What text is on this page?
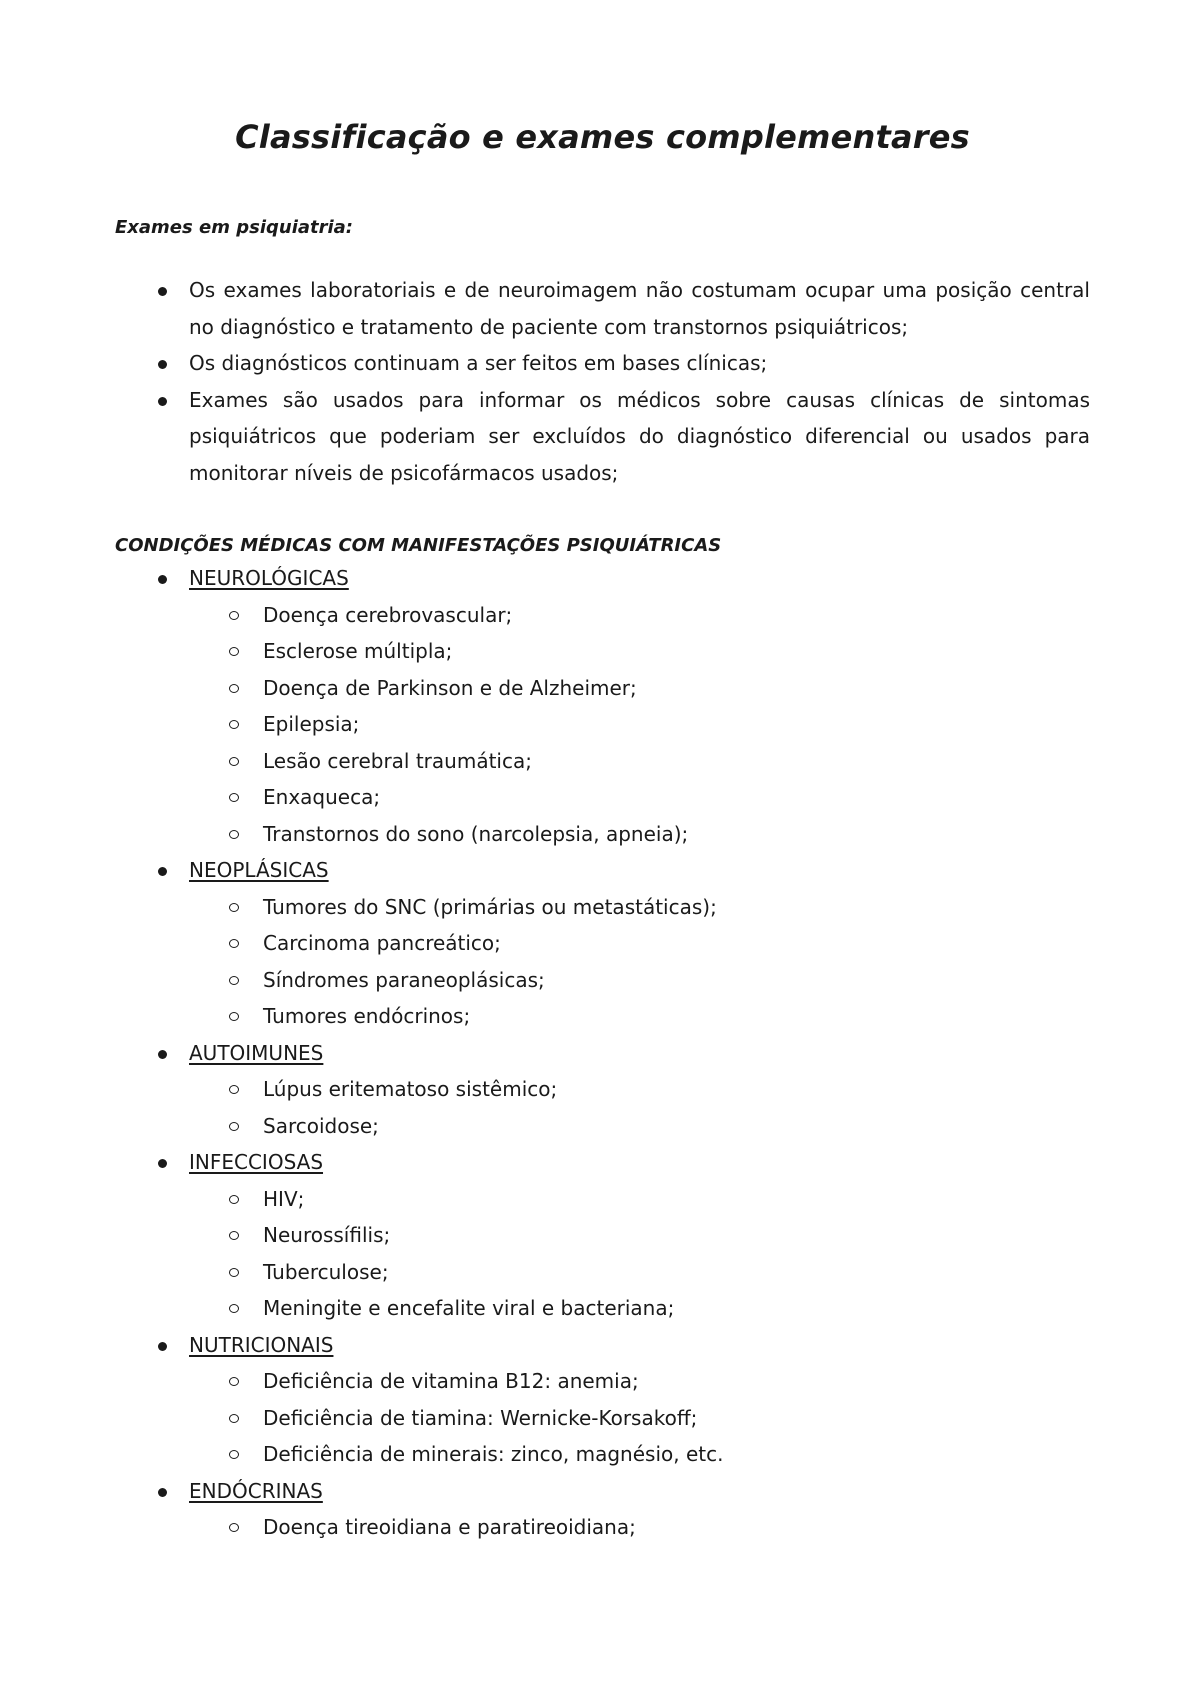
Classificação e exames complementares

Exames em psiquiatria:

Os exames laboratoriais e de neuroimagem não costumam ocupar uma posição central no diagnóstico e tratamento de paciente com transtornos psiquiátricos;
Os diagnósticos continuam a ser feitos em bases clínicas;
Exames são usados para informar os médicos sobre causas clínicas de sintomas psiquiátricos que poderiam ser excluídos do diagnóstico diferencial ou usados para monitorar níveis de psicofármacos usados;

CONDIÇÕES MÉDICAS COM MANIFESTAÇÕES PSIQUIÁTRICAS

NEUROLÓGICAS
Doença cerebrovascular;
Esclerose múltipla;
Doença de Parkinson e de Alzheimer;
Epilepsia;
Lesão cerebral traumática;
Enxaqueca;
Transtornos do sono (narcolepsia, apneia);
NEOPLÁSICAS
Tumores do SNC (primárias ou metastáticas);
Carcinoma pancreático;
Síndromes paraneoplásicas;
Tumores endócrinos;
AUTOIMUNES
Lúpus eritematoso sistêmico;
Sarcoidose;
INFECCIOSAS
HIV;
Neurossífilis;
Tuberculose;
Meningite e encefalite viral e bacteriana;
NUTRICIONAIS
Deficiência de vitamina B12: anemia;
Deficiência de tiamina: Wernicke-Korsakoff;
Deficiência de minerais: zinco, magnésio, etc.
ENDÓCRINAS
Doença tireoidiana e paratireoidiana;
